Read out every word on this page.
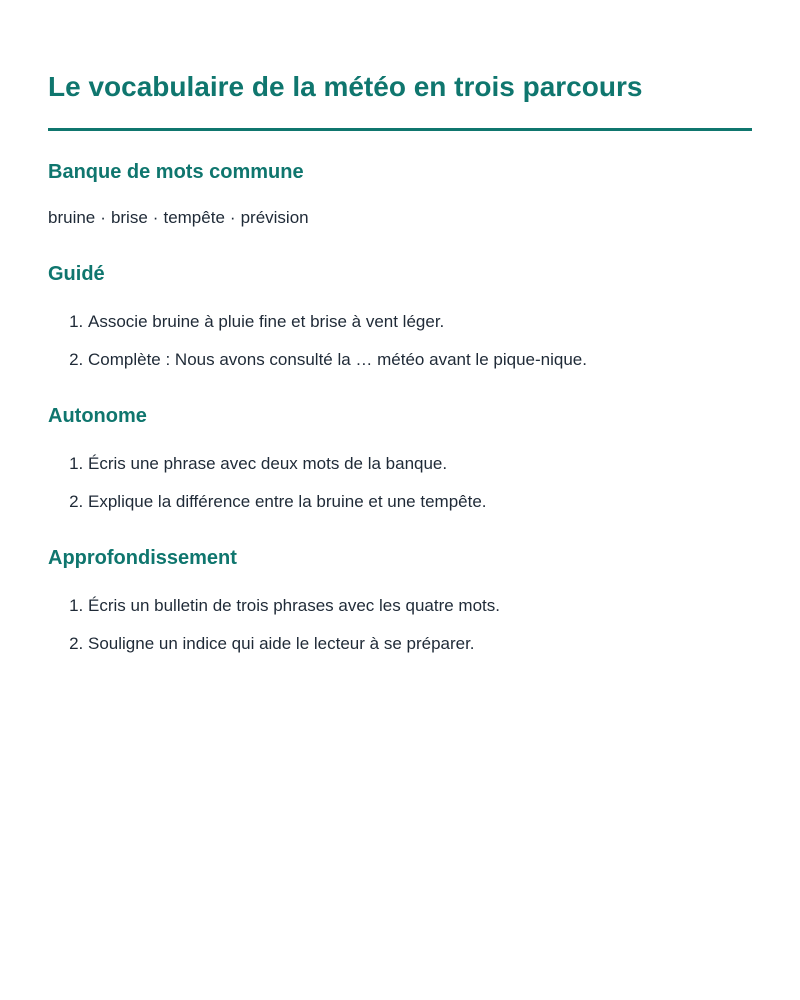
Le vocabulaire de la météo en trois parcours
Banque de mots commune

bruine · brise · tempête · prévision

Guidé
1. Associe bruine à pluie fine et brise à vent léger.
2. Complète : Nous avons consulté la … météo avant le pique-nique.
Autonome
1. Écris une phrase avec deux mots de la banque.
2. Explique la différence entre la bruine et une tempête.
Approfondissement
1. Écris un bulletin de trois phrases avec les quatre mots.
2. Souligne un indice qui aide le lecteur à se préparer.
